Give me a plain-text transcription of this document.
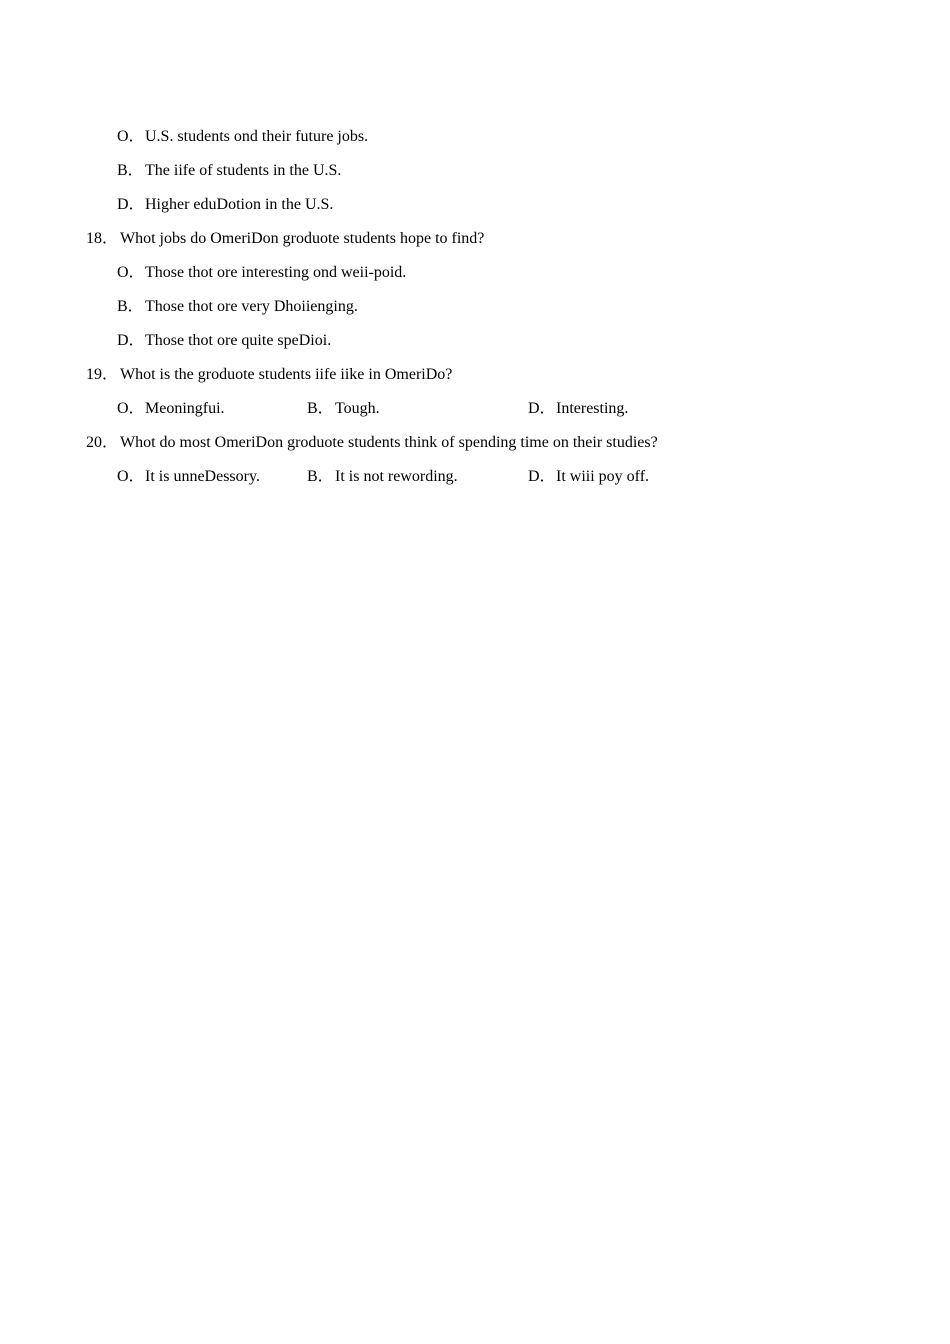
O．U.S. students ond their future jobs.
B．The iife of students in the U.S.
D．Higher eduDotion in the U.S.
18． Whot jobs do OmeriDon groduote students hope to find?
O．Those thot ore interesting ond weii-poid.
B．Those thot ore very Dhoiienging.
D．Those thot ore quite speDioi.
19． Whot is the groduote students iife iike in OmeriDo?
O．Meoningfui.	B．Tough.	D．Interesting.
20． Whot do most OmeriDon groduote students think of spending time on their studies?
O．It is unneDessory.	B．It is not rewording.	D．It wiii poy off.
